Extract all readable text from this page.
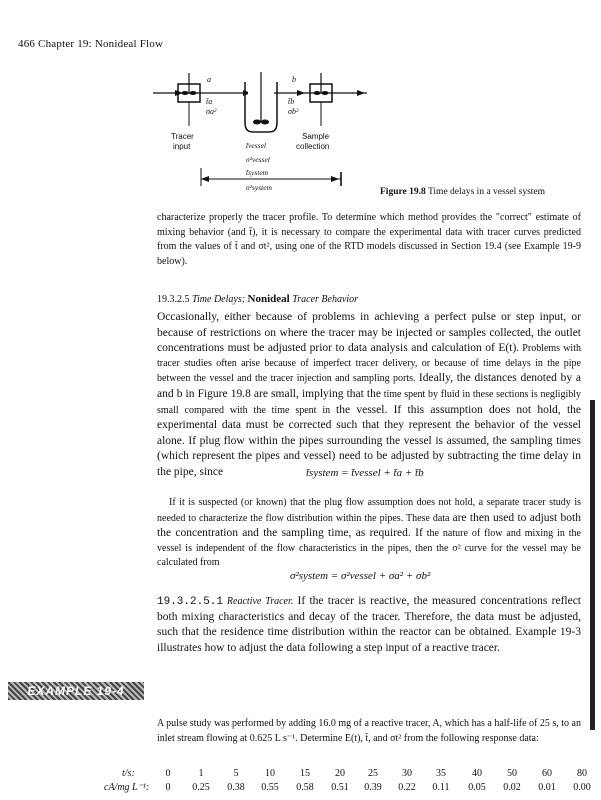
466 Chapter 19: Nonideal Flow
a	b
t̄a
σa²
t̄b
σb²
Tracer
input
Sample
collection
t̄vessel
σ²vessel
t̄system
σ²system	Figure 19.8 Time delays in a vessel system
characterize properly the tracer profile. To determine which method provides the "correct" estimate of mixing behavior (and t̄), it is necessary to compare the experimental data with tracer curves predicted from the values of t̄ and σt², using one of the RTD models discussed in Section 19.4 (see Example 19-9 below).
19.3.2.5 Time Delays; Nonideal Tracer Behavior
Occasionally, either because of problems in achieving a perfect pulse or step input, or because of restrictions on where the tracer may be injected or samples collected, the outlet concentrations must be adjusted prior to data analysis and calculation of E(t). Problems with tracer studies often arise because of imperfect tracer delivery, or because of time delays in the pipe between the vessel and the tracer injection and sampling ports. Ideally, the distances denoted by a and b in Figure 19.8 are small, implying that the time spent by fluid in these sections is negligibly small compared with the time spent in the vessel. If this assumption does not hold, the experimental data must be corrected such that they represent the behavior of the vessel alone. If plug flow within the pipes surrounding the vessel is assumed, the sampling times (which represent the pipes and vessel) need to be adjusted by subtracting the time delay in the pipe, since	t̄system = t̄vessel + t̄a + t̄b
If it is suspected (or known) that the plug flow assumption does not hold, a separate tracer study is needed to characterize the flow distribution within the pipes. These data are then used to adjust both the concentration and the sampling time, as required. If the nature of flow and mixing in the vessel is independent of the flow characteristics in the pipes, then the σ² curve for the vessel may be calculated from
σ²system = σ²vessel + σa² + σb²
19.3.2.5.1 Reactive Tracer. If the tracer is reactive, the measured concentrations reflect both mixing characteristics and decay of the tracer. Therefore, the data must be adjusted, such that the residence time distribution within the reactor can be obtained. Example 19-3 illustrates how to adjust the data following a step input of a reactive tracer.
EXAMPLE 19-4
A pulse study was performed by adding 16.0 mg of a reactive tracer, A, which has a half-life of 25 s, to an inlet stream flowing at 0.625 L s⁻¹. Determine E(t), t̄, and σt² from the following response data:
t/s:	0	1	5	10	15	20	25	30	35	40	50	60	80
cA/mg L⁻¹:	0	0.25	0.38	0.55	0.58	0.51	0.39	0.22	0.11	0.05	0.02	0.01	0.00
